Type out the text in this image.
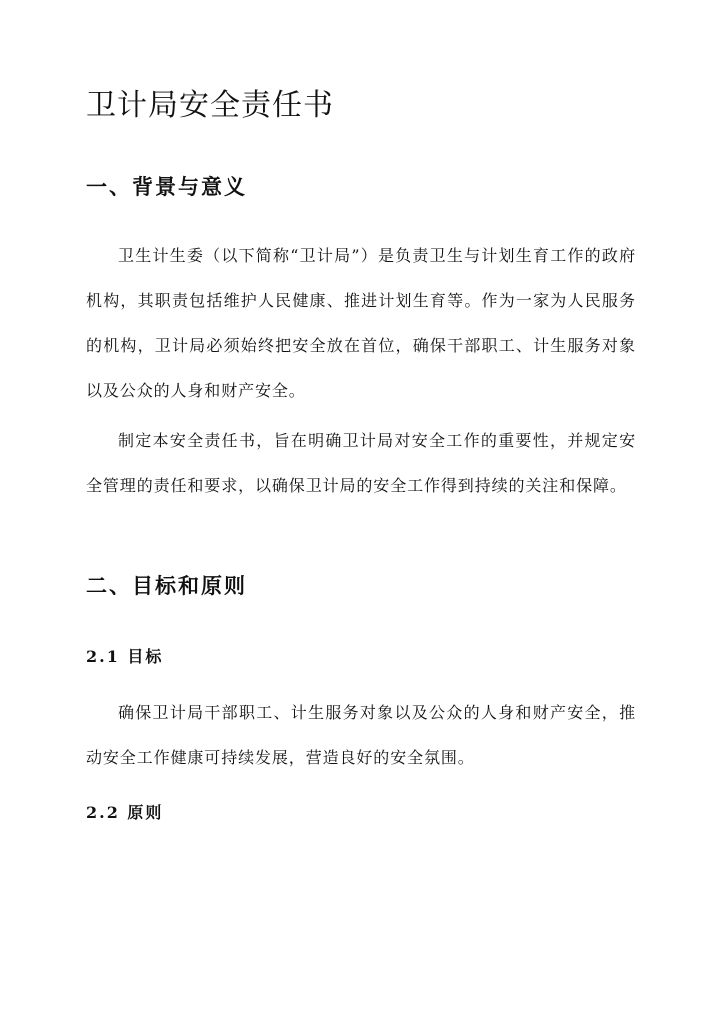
卫计局安全责任书
一、背景与意义

卫生计生委（以下简称“卫计局”）是负责卫生与计划生育工作的政府机构，其职责包括维护人民健康、推进计划生育等。作为一家为人民服务的机构，卫计局必须始终把安全放在首位，确保干部职工、计生服务对象以及公众的人身和财产安全。

制定本安全责任书，旨在明确卫计局对安全工作的重要性，并规定安全管理的责任和要求，以确保卫计局的安全工作得到持续的关注和保障。

二、目标和原则
2.1 目标

确保卫计局干部职工、计生服务对象以及公众的人身和财产安全，推动安全工作健康可持续发展，营造良好的安全氛围。

2.2 原则
